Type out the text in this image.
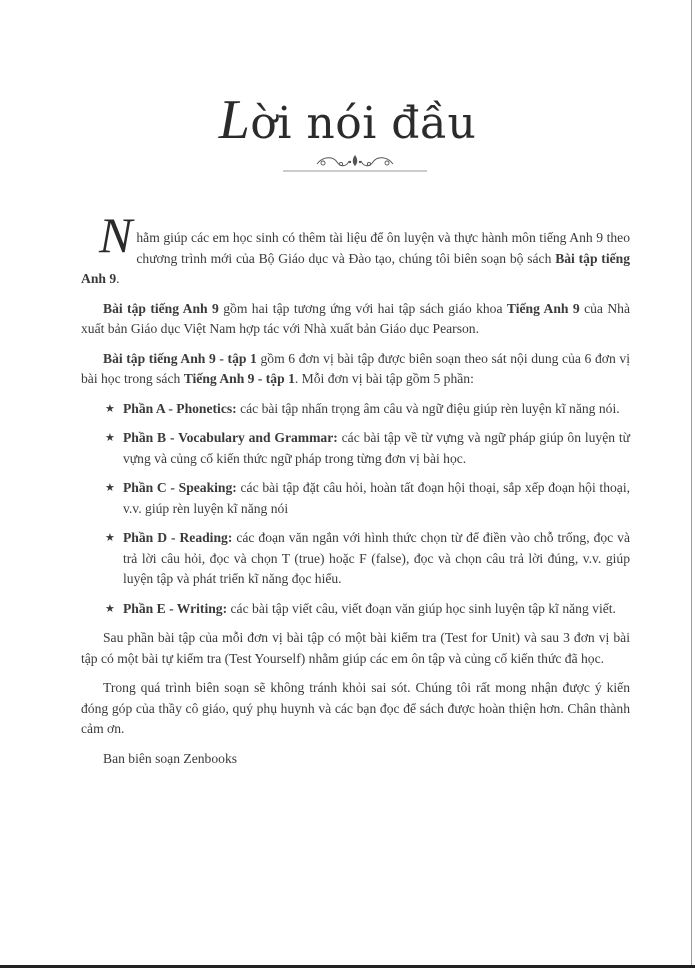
Lời nói đầu

Nhằm giúp các em học sinh có thêm tài liệu để ôn luyện và thực hành môn tiếng Anh 9 theo chương trình mới của Bộ Giáo dục và Đào tạo, chúng tôi biên soạn bộ sách Bài tập tiếng Anh 9.

Bài tập tiếng Anh 9 gồm hai tập tương ứng với hai tập sách giáo khoa Tiếng Anh 9 của Nhà xuất bản Giáo dục Việt Nam hợp tác với Nhà xuất bản Giáo dục Pearson.

Bài tập tiếng Anh 9 - tập 1 gồm 6 đơn vị bài tập được biên soạn theo sát nội dung của 6 đơn vị bài học trong sách Tiếng Anh 9 - tập 1. Mỗi đơn vị bài tập gồm 5 phần:

★ Phần A - Phonetics: các bài tập nhấn trọng âm câu và ngữ điệu giúp rèn luyện kĩ năng nói.
★ Phần B - Vocabulary and Grammar: các bài tập về từ vựng và ngữ pháp giúp ôn luyện từ vựng và củng cố kiến thức ngữ pháp trong từng đơn vị bài học.
★ Phần C - Speaking: các bài tập đặt câu hỏi, hoàn tất đoạn hội thoại, sắp xếp đoạn hội thoại, v.v. giúp rèn luyện kĩ năng nói
★ Phần D - Reading: các đoạn văn ngắn với hình thức chọn từ để điền vào chỗ trống, đọc và trả lời câu hỏi, đọc và chọn T (true) hoặc F (false), đọc và chọn câu trả lời đúng, v.v. giúp luyện tập và phát triển kĩ năng đọc hiểu.
★ Phần E - Writing: các bài tập viết câu, viết đoạn văn giúp học sinh luyện tập kĩ năng viết.

Sau phần bài tập của mỗi đơn vị bài tập có một bài kiểm tra (Test for Unit) và sau 3 đơn vị bài tập có một bài tự kiểm tra (Test Yourself) nhằm giúp các em ôn tập và củng cố kiến thức đã học.

Trong quá trình biên soạn sẽ không tránh khỏi sai sót. Chúng tôi rất mong nhận được ý kiến đóng góp của thầy cô giáo, quý phụ huynh và các bạn đọc để sách được hoàn thiện hơn. Chân thành cảm ơn.

Ban biên soạn Zenbooks
